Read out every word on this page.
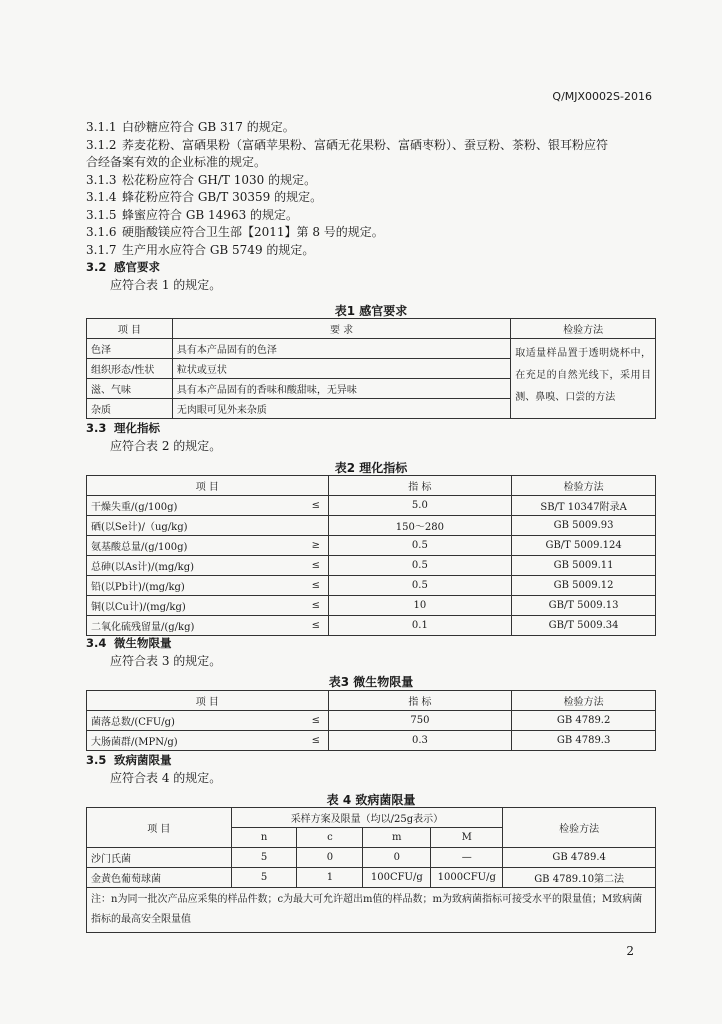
Q/MJX0002S-2016
3.1.1 白砂糖应符合 GB 317 的规定。
3.1.2 荞麦花粉、富硒果粉（富硒苹果粉、富硒无花果粉、富硒枣粉）、蚕豆粉、茶粉、银耳粉应符
合经备案有效的企业标准的规定。
3.1.3 松花粉应符合 GH/T 1030 的规定。
3.1.4 蜂花粉应符合 GB/T 30359 的规定。
3.1.5 蜂蜜应符合 GB 14963 的规定。
3.1.6 硬脂酸镁应符合卫生部【2011】第 8 号的规定。
3.1.7 生产用水应符合 GB 5749 的规定。
3.2 感官要求
应符合表 1 的规定。
表1 感官要求
项 目	要 求	检验方法
色泽	具有本产品固有的色泽	取适量样品置于透明烧杯中，在充足的自然光线下，采用目测、鼻嗅、口尝的方法
组织形态/性状	粒状或豆状	
滋、气味	具有本产品固有的香味和酸甜味，无异味	
杂质	无肉眼可见外来杂质	
3.3 理化指标
应符合表 2 的规定。
表2 理化指标
项 目		指 标	检验方法
干燥失重/(g/100g)	≤	5.0	SB/T 10347附录A
硒(以Se计)/（ug/kg)		150～280	GB 5009.93
氨基酸总量/(g/100g)	≥	0.5	GB/T 5009.124
总砷(以As计)/(mg/kg)	≤	0.5	GB 5009.11
铅(以Pb计)/(mg/kg)	≤	0.5	GB 5009.12
铜(以Cu计)/(mg/kg)	≤	10	GB/T 5009.13
二氧化硫残留量/(g/kg)	≤	0.1	GB/T 5009.34
3.4 微生物限量
应符合表 3 的规定。
表3 微生物限量
项 目		指 标	检验方法
菌落总数/(CFU/g)	≤	750	GB 4789.2
大肠菌群/(MPN/g)	≤	0.3	GB 4789.3
3.5 致病菌限量
应符合表 4 的规定。
表 4 致病菌限量
项 目	采样方案及限量（均以/25g表示）				检验方法
	n	c	m	M	
沙门氏菌	5	0	0	—	GB 4789.4
金黄色葡萄球菌	5	1	100CFU/g	1000CFU/g	GB 4789.10第二法
注：n为同一批次产品应采集的样品件数；c为最大可允许超出m值的样品数；m为致病菌指标可接受水平的限量值；M致病菌指标的最高安全限量值					
2
